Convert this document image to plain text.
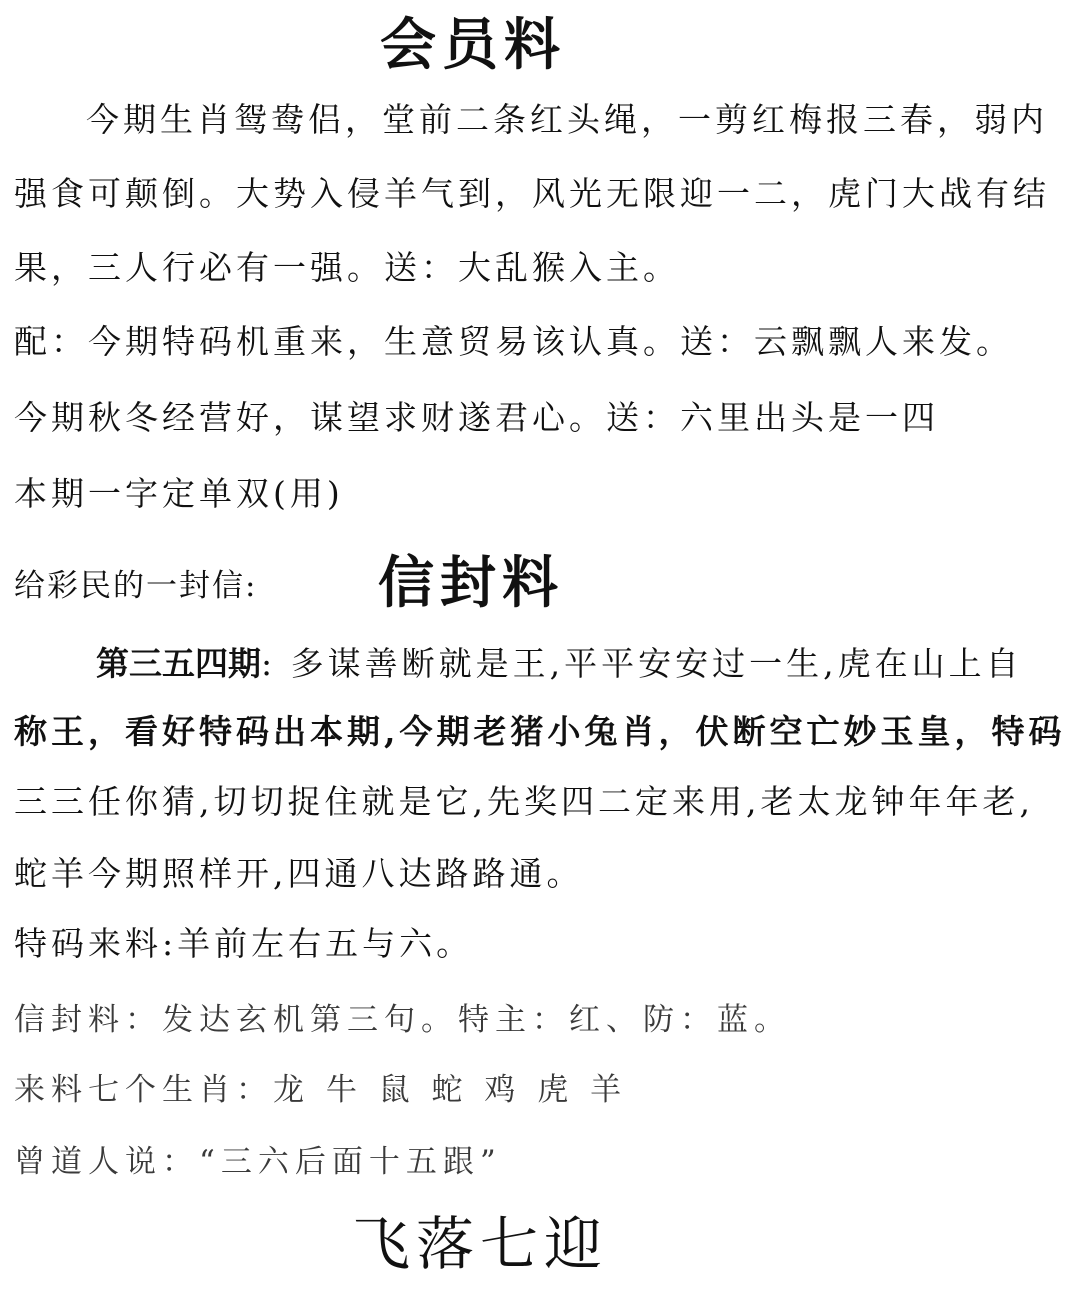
会员料
今期生肖鸳鸯侣，堂前二条红头绳，一剪红梅报三春，弱内
强食可颠倒。大势入侵羊气到，风光无限迎一二，虎门大战有结
果，三人行必有一强。送：大乱猴入主。
配：今期特码机重来，生意贸易该认真。送：云飘飘人来发。
今期秋冬经营好，谋望求财遂君心。送：六里出头是一四
本期一字定单双(用)
给彩民的一封信: 信封料
第三五四期: 多谋善断就是王,平平安安过一生,虎在山上自
称王，看好特码出本期,今期老猪小兔肖，伏断空亡妙玉皇，特码
三三任你猜,切切捉住就是它,先奖四二定来用,老太龙钟年年老,
蛇羊今期照样开,四通八达路路通。
特码来料:羊前左右五与六。
信封料：发达玄机第三句。特主：红、防：蓝。
来料七个生肖：龙 牛 鼠 蛇 鸡 虎 羊
曾道人说：“三六后面十五跟”
飞落七迎
